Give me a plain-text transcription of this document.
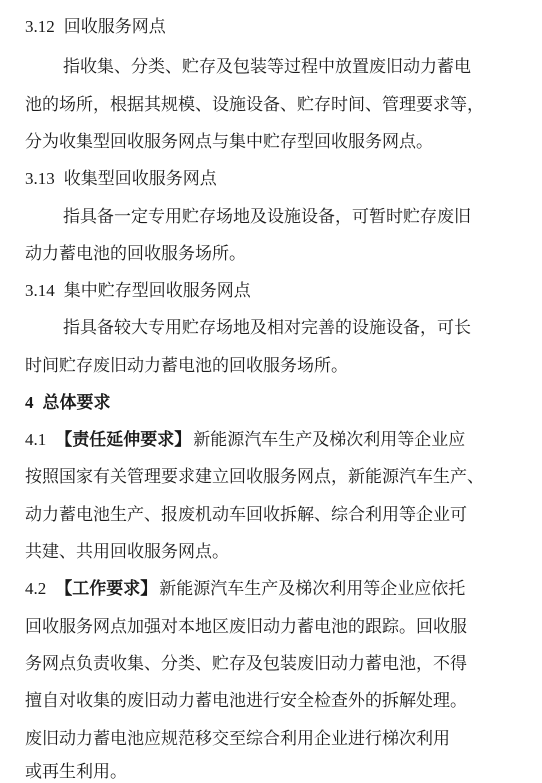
3.12 回收服务网点
指收集、分类、贮存及包装等过程中放置废旧动力蓄电
池的场所，根据其规模、设施设备、贮存时间、管理要求等，
分为收集型回收服务网点与集中贮存型回收服务网点。
3.13 收集型回收服务网点
指具备一定专用贮存场地及设施设备，可暂时贮存废旧
动力蓄电池的回收服务场所。
3.14 集中贮存型回收服务网点
指具备较大专用贮存场地及相对完善的设施设备，可长
时间贮存废旧动力蓄电池的回收服务场所。
4 总体要求
4.1 【责任延伸要求】 新能源汽车生产及梯次利用等企业应
按照国家有关管理要求建立回收服务网点，新能源汽车生产、
动力蓄电池生产、报废机动车回收拆解、综合利用等企业可
共建、共用回收服务网点。
4.2 【工作要求】 新能源汽车生产及梯次利用等企业应依托
回收服务网点加强对本地区废旧动力蓄电池的跟踪。回收服
务网点负责收集、分类、贮存及包装废旧动力蓄电池，不得
擅自对收集的废旧动力蓄电池进行安全检查外的拆解处理。
废旧动力蓄电池应规范移交至综合利用企业进行梯次利用
或再生利用。
